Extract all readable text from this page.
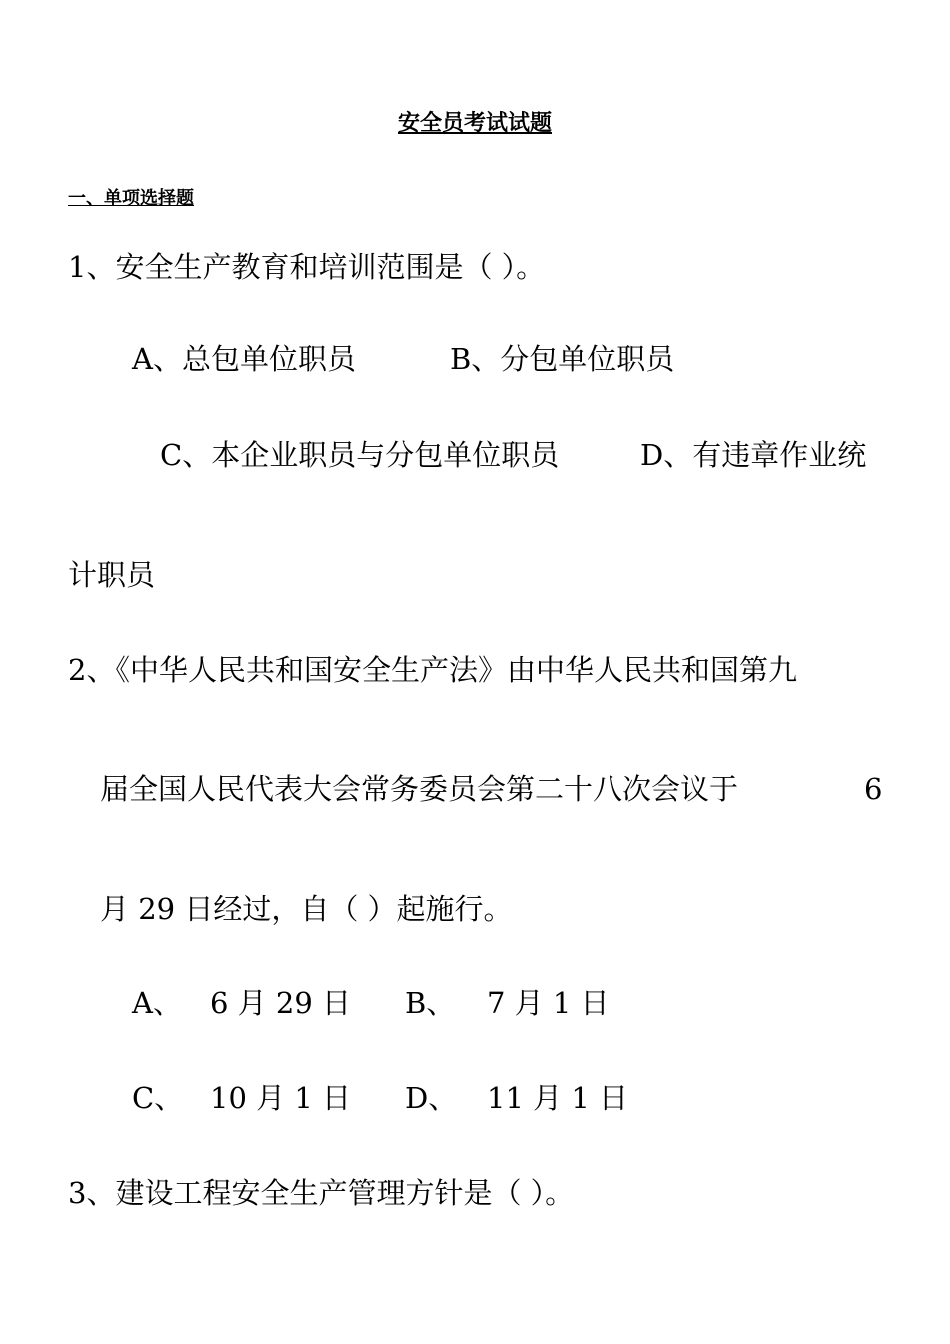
安全员考试试题
一、单项选择题
1、安全生产教育和培训范围是（ ）。
A、总包单位职员	B、分包单位职员
C、本企业职员与分包单位职员	D、有违章作业统
计职员
2、《中华人民共和国安全生产法》由中华人民共和国第九
届全国人民代表大会常务委员会第二十八次会议于	6
月 29 日经过，自（ ）起施行。
A、 6 月 29 日 B、 7 月 1 日
C、 10 月 1 日 D、 11 月 1 日
3、建设工程安全生产管理方针是（ ）。
